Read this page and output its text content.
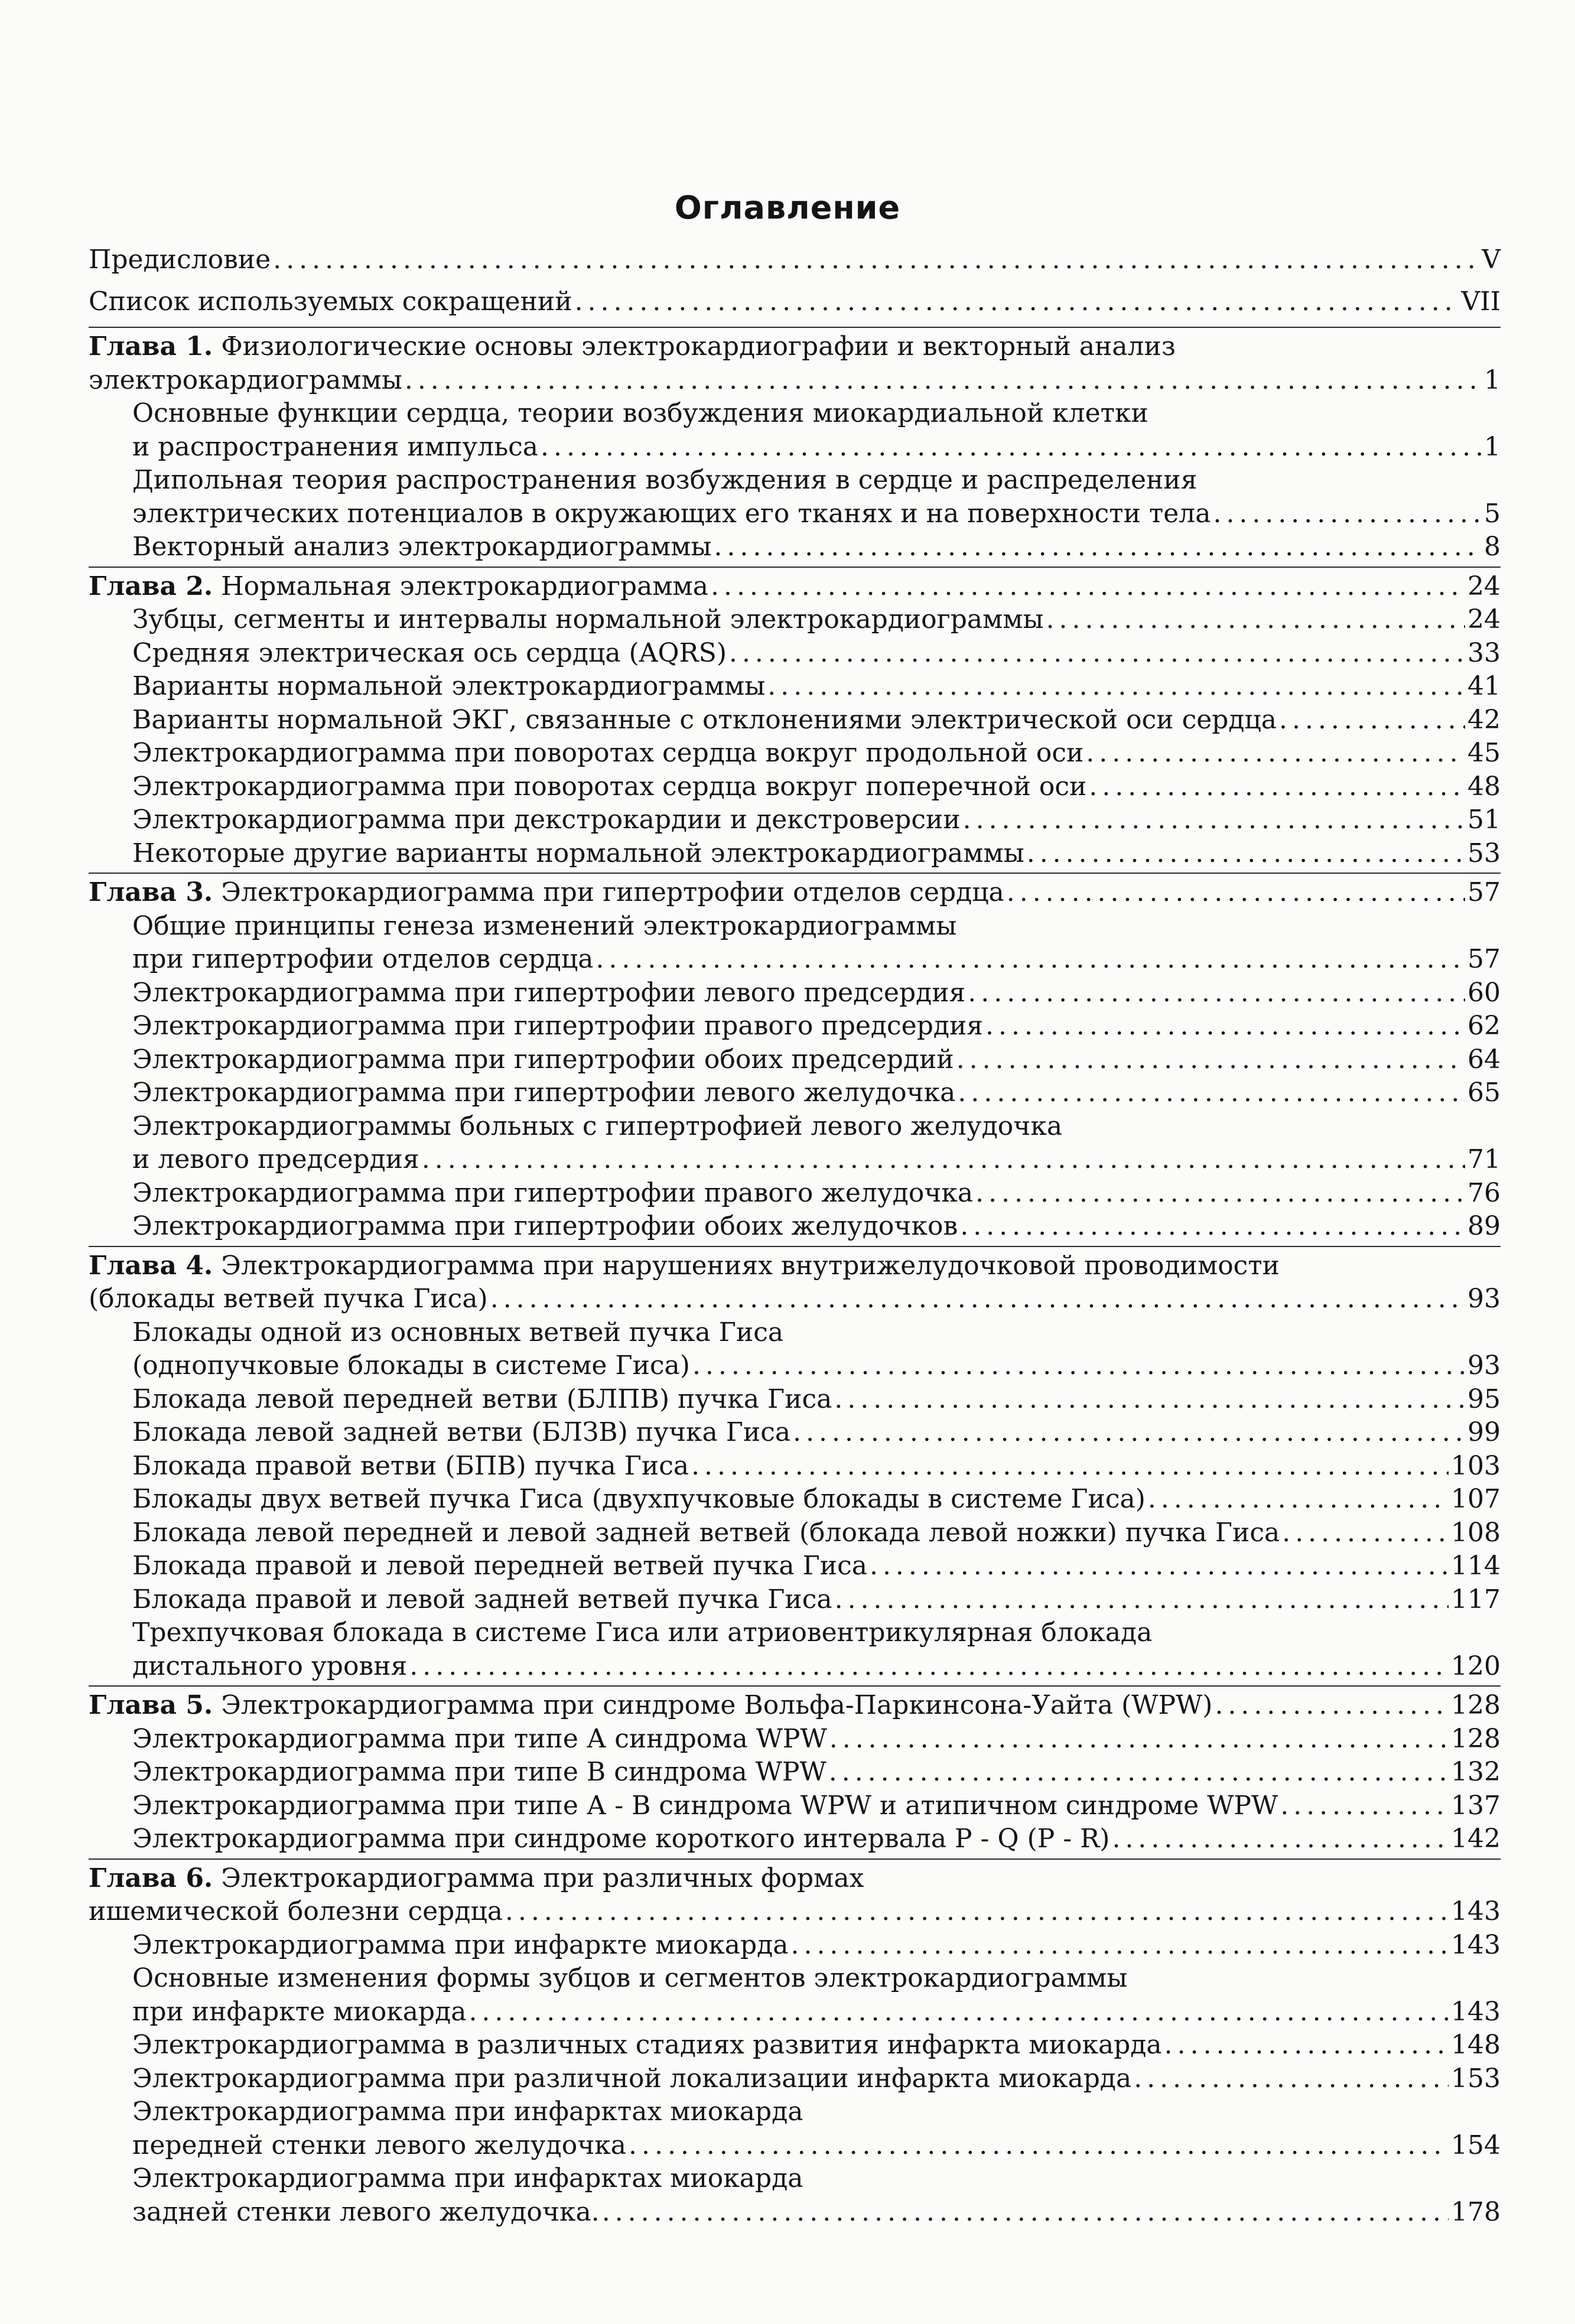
Оглавление
Предисловие . . .	V
Список используемых сокращений . . .	VII
Глава 1. Физиологические основы электрокардиографии и векторный анализ
электрокардиограммы . . .	1
Основные функции сердца, теории возбуждения миокардиальной клетки
и распространения импульса . . .	1
Дипольная теория распространения возбуждения в сердце и распределения
электрических потенциалов в окружающих его тканях и на поверхности тела . . .	5
Векторный анализ электрокардиограммы . . .	8
Глава 2. Нормальная электрокардиограмма . . .	24
Зубцы, сегменты и интервалы нормальной электрокардиограммы . . .	24
Средняя электрическая ось сердца (AQRS) . . .	33
Варианты нормальной электрокардиограммы . . .	41
Варианты нормальной ЭКГ, связанные с отклонениями электрической оси сердца . . .	42
Электрокардиограмма при поворотах сердца вокруг продольной оси . . .	45
Электрокардиограмма при поворотах сердца вокруг поперечной оси . . .	48
Электрокардиограмма при декстрокардии и декстроверсии . . .	51
Некоторые другие варианты нормальной электрокардиограммы . . .	53
Глава 3. Электрокардиограмма при гипертрофии отделов сердца . . .	57
Общие принципы генеза изменений электрокардиограммы
при гипертрофии отделов сердца . . .	57
Электрокардиограмма при гипертрофии левого предсердия . . .	60
Электрокардиограмма при гипертрофии правого предсердия . . .	62
Электрокардиограмма при гипертрофии обоих предсердий . . .	64
Электрокардиограмма при гипертрофии левого желудочка . . .	65
Электрокардиограммы больных с гипертрофией левого желудочка
и левого предсердия . . .	71
Электрокардиограмма при гипертрофии правого желудочка . . .	76
Электрокардиограмма при гипертрофии обоих желудочков . . .	89
Глава 4. Электрокардиограмма при нарушениях внутрижелудочковой проводимости
(блокады ветвей пучка Гиса) . . .	93
Блокады одной из основных ветвей пучка Гиса
(однопучковые блокады в системе Гиса) . . .	93
Блокада левой передней ветви (БЛПВ) пучка Гиса . . .	95
Блокада левой задней ветви (БЛЗВ) пучка Гиса . . .	99
Блокада правой ветви (БПВ) пучка Гиса . . .	103
Блокады двух ветвей пучка Гиса (двухпучковые блокады в системе Гиса) . . .	107
Блокада левой передней и левой задней ветвей (блокада левой ножки) пучка Гиса . . .	108
Блокада правой и левой передней ветвей пучка Гиса . . .	114
Блокада правой и левой задней ветвей пучка Гиса . . .	117
Трехпучковая блокада в системе Гиса или атриовентрикулярная блокада
дистального уровня . . .	120
Глава 5. Электрокардиограмма при синдроме Вольфа-Паркинсона-Уайта (WPW) . . .	128
Электрокардиограмма при типе А синдрома WPW . . .	128
Электрокардиограмма при типе В синдрома WPW . . .	132
Электрокардиограмма при типе А - В синдрома WPW и атипичном синдроме WPW . . .	137
Электрокардиограмма при синдроме короткого интервала P - Q (P - R) . . .	142
Глава 6. Электрокардиограмма при различных формах
ишемической болезни сердца . . .	143
Электрокардиограмма при инфаркте миокарда . . .	143
Основные изменения формы зубцов и сегментов электрокардиограммы
при инфаркте миокарда . . .	143
Электрокардиограмма в различных стадиях развития инфаркта миокарда . . .	148
Электрокардиограмма при различной локализации инфаркта миокарда . . .	153
Электрокардиограмма при инфарктах миокарда
передней стенки левого желудочка . . .	154
Электрокардиограмма при инфарктах миокарда
задней стенки левого желудочка. . . .	178
